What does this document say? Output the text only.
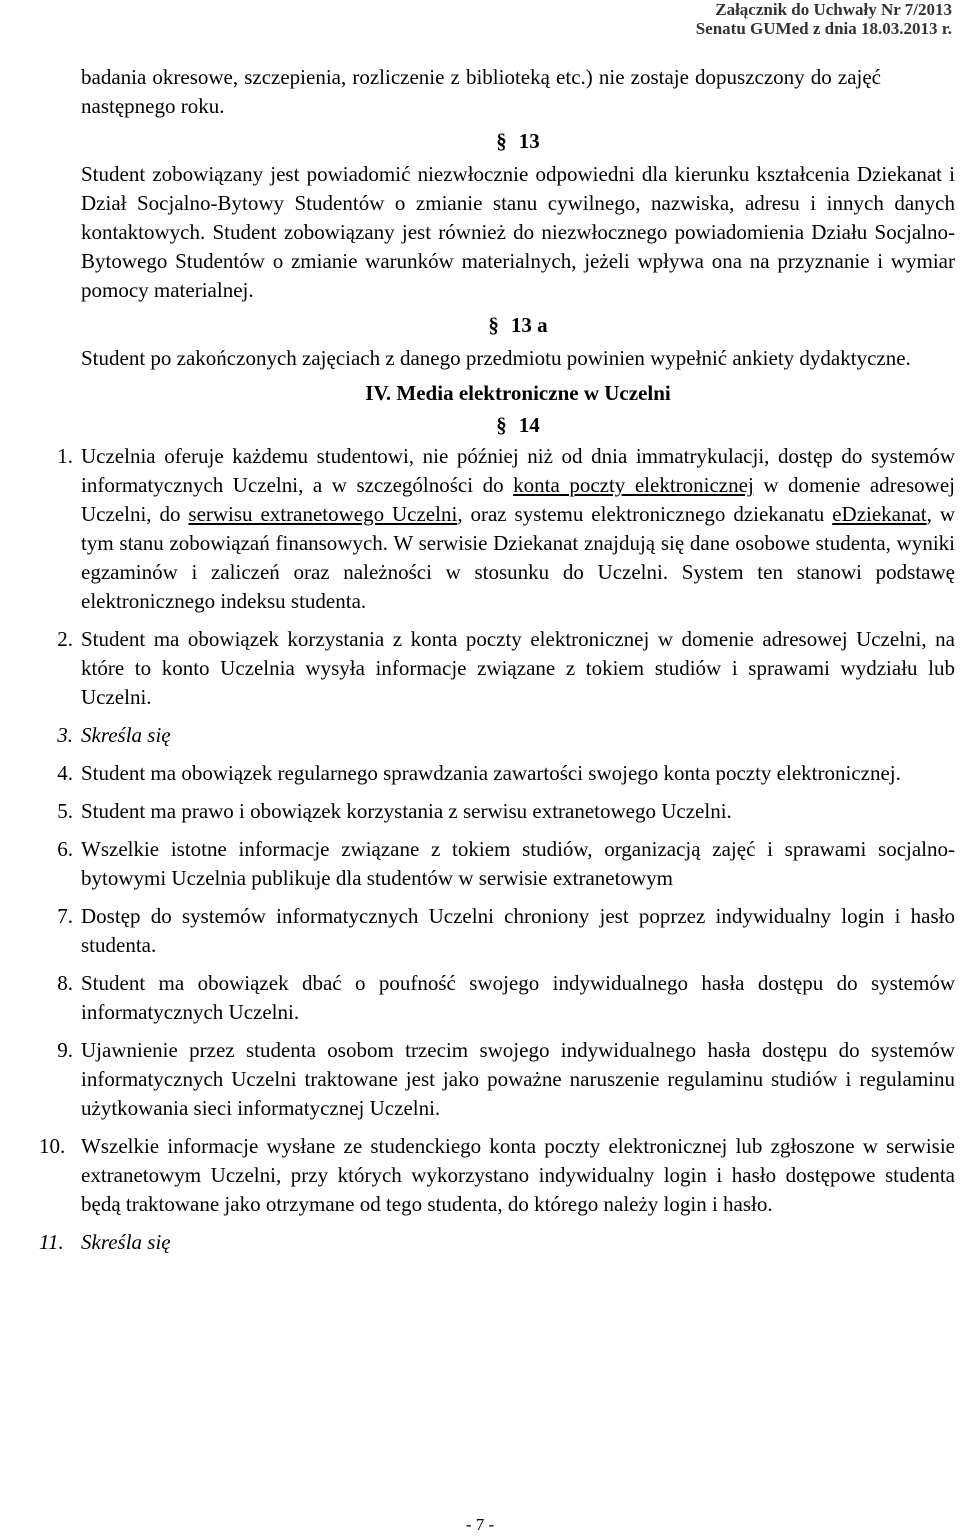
Załącznik do Uchwały Nr 7/2013
Senatu GUMed z dnia 18.03.2013 r.

badania okresowe, szczepienia, rozliczenie z biblioteką etc.) nie zostaje dopuszczony do zajęć następnego roku.

§ 13

Student zobowiązany jest powiadomić niezwłocznie odpowiedni dla kierunku kształcenia Dziekanat i Dział Socjalno-Bytowy Studentów o zmianie stanu cywilnego, nazwiska, adresu i innych danych kontaktowych. Student zobowiązany jest również do niezwłocznego powiadomienia Działu Socjalno-Bytowego Studentów o zmianie warunków materialnych, jeżeli wpływa ona na przyznanie i wymiar pomocy materialnej.

§ 13 a

Student po zakończonych zajęciach z danego przedmiotu powinien wypełnić ankiety dydaktyczne.

IV. Media elektroniczne w Uczelni

§ 14

1. Uczelnia oferuje każdemu studentowi, nie później niż od dnia immatrykulacji, dostęp do systemów informatycznych Uczelni, a w szczególności do konta poczty elektronicznej w domenie adresowej Uczelni, do serwisu extranetowego Uczelni, oraz systemu elektronicznego dziekanatu eDziekanat, w tym stanu zobowiązań finansowych. W serwisie Dziekanat znajdują się dane osobowe studenta, wyniki egzaminów i zaliczeń oraz należności w stosunku do Uczelni. System ten stanowi podstawę elektronicznego indeksu studenta.
2. Student ma obowiązek korzystania z konta poczty elektronicznej w domenie adresowej Uczelni, na które to konto Uczelnia wysyła informacje związane z tokiem studiów i sprawami wydziału lub Uczelni.
3. Skreśla się
4. Student ma obowiązek regularnego sprawdzania zawartości swojego konta poczty elektronicznej.
5. Student ma prawo i obowiązek korzystania z serwisu extranetowego Uczelni.
6. Wszelkie istotne informacje związane z tokiem studiów, organizacją zajęć i sprawami socjalno-bytowymi Uczelnia publikuje dla studentów w serwisie extranetowym
7. Dostęp do systemów informatycznych Uczelni chroniony jest poprzez indywidualny login i hasło studenta.
8. Student ma obowiązek dbać o poufność swojego indywidualnego hasła dostępu do systemów informatycznych Uczelni.
9. Ujawnienie przez studenta osobom trzecim swojego indywidualnego hasła dostępu do systemów informatycznych Uczelni traktowane jest jako poważne naruszenie regulaminu studiów i regulaminu użytkowania sieci informatycznej Uczelni.
10. Wszelkie informacje wysłane ze studenckiego konta poczty elektronicznej lub zgłoszone w serwisie extranetowym Uczelni, przy których wykorzystano indywidualny login i hasło dostępowe studenta będą traktowane jako otrzymane od tego studenta, do którego należy login i hasło.
11. Skreśla się
- 7 -
